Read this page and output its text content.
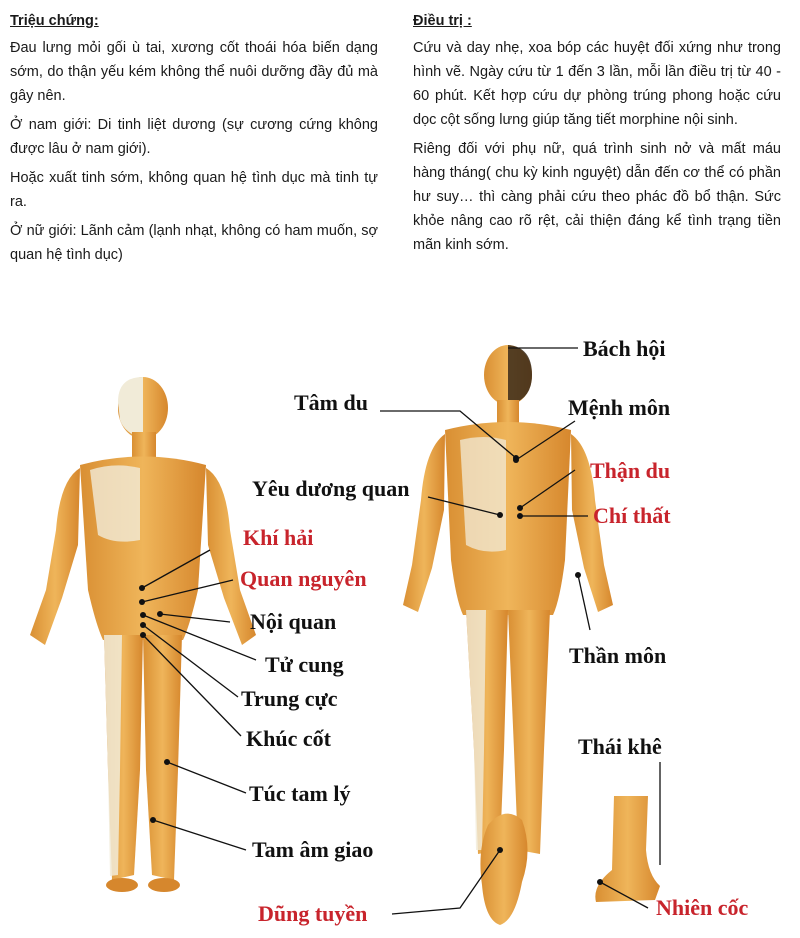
Triệu chứng:

Đau lưng mỏi gối ù tai, xương cốt thoái hóa biến dạng sớm, do thận yếu kém không thể nuôi dưỡng đầy đủ mà gây nên.

Ở nam giới: Di tinh liệt dương (sự cương cứng không được lâu ở nam giới).

Hoặc xuất tinh sớm, không quan hệ tình dục mà tinh tự ra.

Ở nữ giới: Lãnh cảm (lạnh nhạt, không có ham muốn, sợ quan hệ tình dục)

Điều trị :

Cứu và day nhẹ, xoa bóp các huyệt đối xứng như trong hình vẽ. Ngày cứu từ 1 đến 3 lần, mỗi lần điều trị từ 40 - 60 phút. Kết hợp cứu dự phòng trúng phong hoặc cứu dọc cột sống lưng giúp tăng tiết morphine nội sinh.

Riêng đối với phụ nữ, quá trình sinh nở và mất máu hàng tháng( chu kỳ kinh nguyệt) dẫn đến cơ thể có phần hư suy… thì càng phải cứu theo phác đồ bổ thận. Sức khỏe nâng cao rõ rệt, cải thiện đáng kể tình trạng tiền mãn kinh sớm.

Bách hội
Tâm du	Mệnh môn
Thận du
Yêu dương quan
Chí thất
Khí hải
Quan nguyên
Nội quan
Tử cung	Thần môn
Trung cực
Khúc cốt	Thái khê
Túc tam lý
Tam âm giao
Dũng tuyền	Nhiên cốc
